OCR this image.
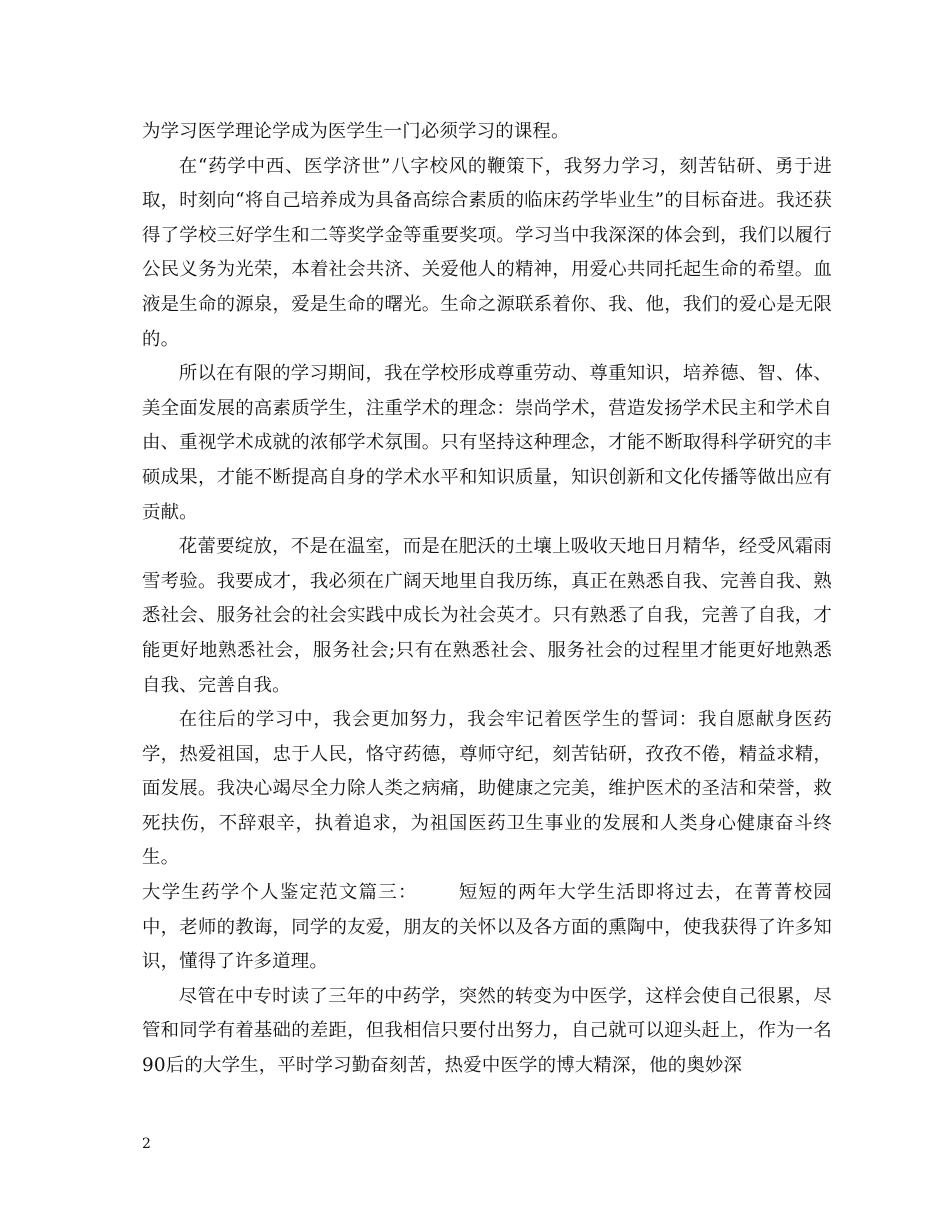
为学习医学理论学成为医学生一门必须学习的课程。

在“药学中西、医学济世”八字校风的鞭策下，我努力学习，刻苦钻研、勇于进取，时刻向“将自己培养成为具备高综合素质的临床药学毕业生”的目标奋进。我还获得了学校三好学生和二等奖学金等重要奖项。学习当中我深深的体会到，我们以履行公民义务为光荣，本着社会共济、关爱他人的精神，用爱心共同托起生命的希望。血液是生命的源泉，爱是生命的曙光。生命之源联系着你、我、他，我们的爱心是无限的。

所以在有限的学习期间，我在学校形成尊重劳动、尊重知识，培养德、智、体、美全面发展的高素质学生，注重学术的理念：崇尚学术，营造发扬学术民主和学术自由、重视学术成就的浓郁学术氛围。只有坚持这种理念，才能不断取得科学研究的丰硕成果，才能不断提高自身的学术水平和知识质量，知识创新和文化传播等做出应有贡献。

花蕾要绽放，不是在温室，而是在肥沃的土壤上吸收天地日月精华，经受风霜雨雪考验。我要成才，我必须在广阔天地里自我历练，真正在熟悉自我、完善自我、熟悉社会、服务社会的社会实践中成长为社会英才。只有熟悉了自我，完善了自我，才能更好地熟悉社会，服务社会;只有在熟悉社会、服务社会的过程里才能更好地熟悉自我、完善自我。

在往后的学习中，我会更加努力，我会牢记着医学生的誓词：我自愿献身医药学，热爱祖国，忠于人民，恪守药德，尊师守纪，刻苦钻研，孜孜不倦，精益求精，面发展。我决心竭尽全力除人类之病痛，助健康之完美，维护医术的圣洁和荣誉，救死扶伤，不辞艰辛，执着追求，为祖国医药卫生事业的发展和人类身心健康奋斗终生。

大学生药学个人鉴定范文篇三： 短短的两年大学生活即将过去，在菁菁校园中，老师的教诲，同学的友爱，朋友的关怀以及各方面的熏陶中，使我获得了许多知识，懂得了许多道理。

尽管在中专时读了三年的中药学，突然的转变为中医学，这样会使自己很累，尽管和同学有着基础的差距，但我相信只要付出努力，自己就可以迎头赶上，作为一名90后的大学生，平时学习勤奋刻苦，热爱中医学的博大精深，他的奥妙深

2
